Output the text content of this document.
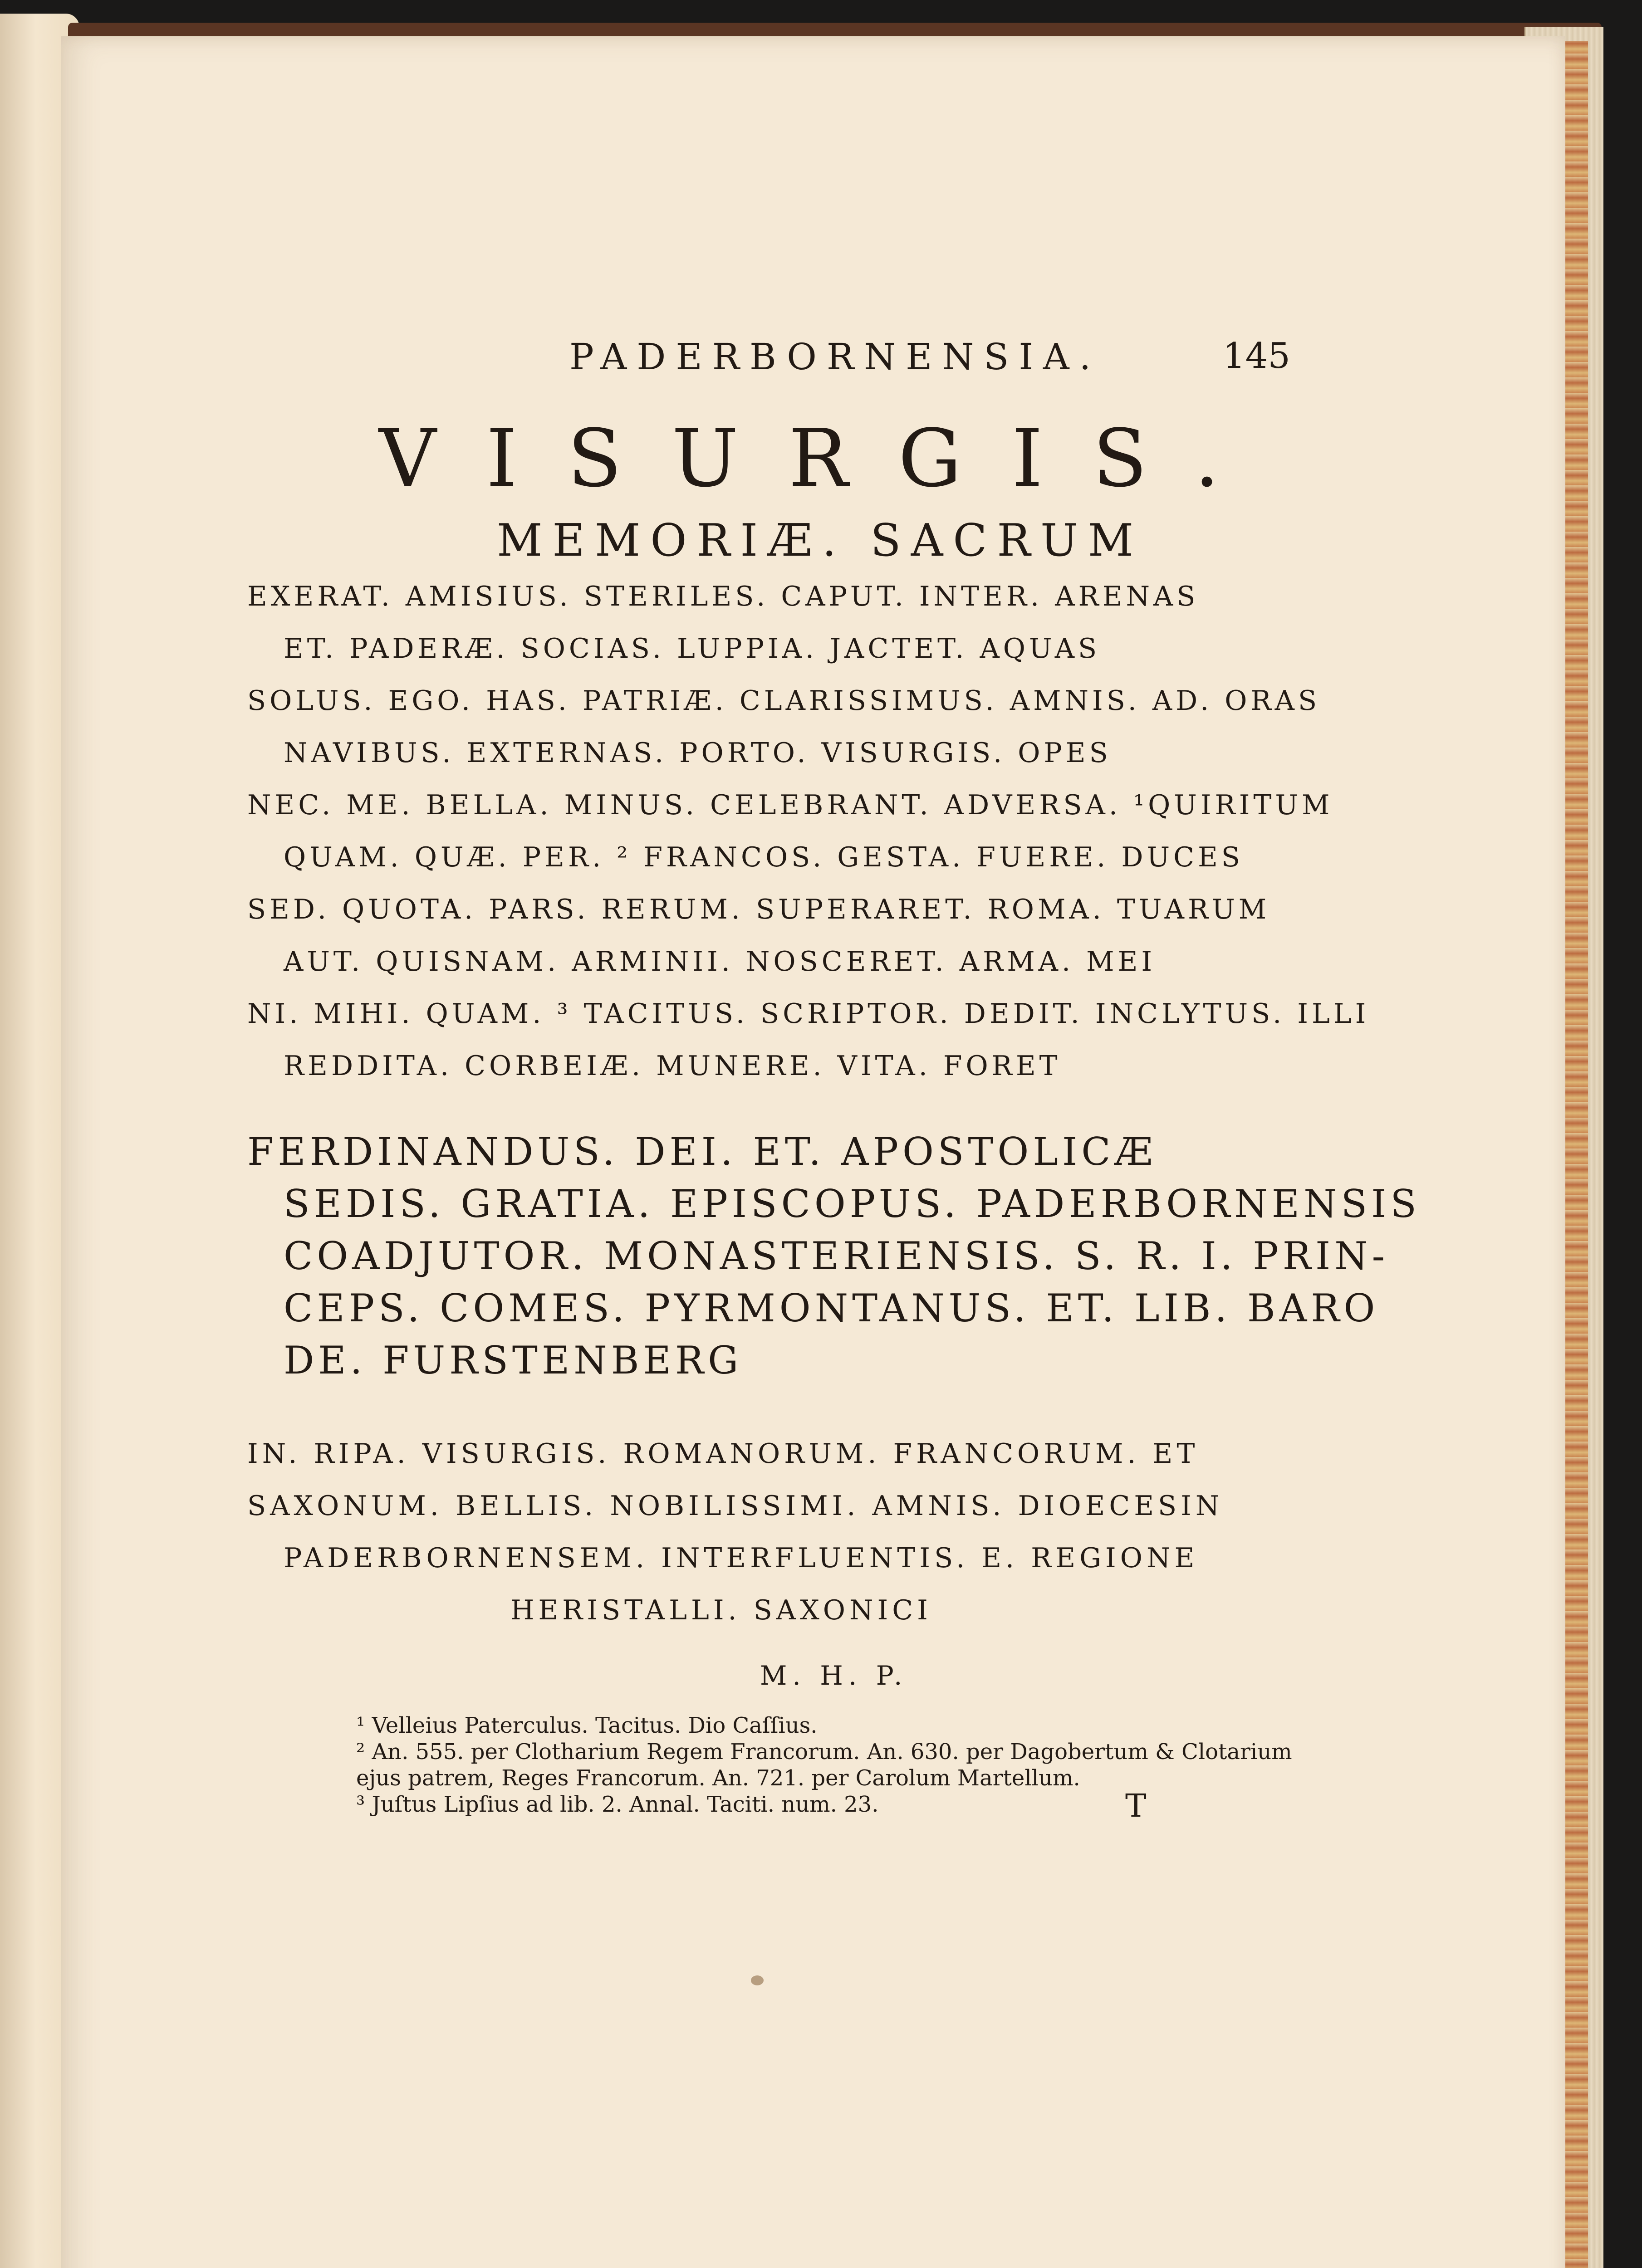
PADERBORNENSIA.	145
VISURGIS.
MEMORIÆ. SACRUM
EXERAT. AMISIUS. STERILES. CAPUT. INTER. ARENAS
ET. PADERÆ. SOCIAS. LUPPIA. JACTET. AQUAS
SOLUS. EGO. HAS. PATRIÆ. CLARISSIMUS. AMNIS. AD. ORAS
NAVIBUS. EXTERNAS. PORTO. VISURGIS. OPES
NEC. ME. BELLA. MINUS. CELEBRANT. ADVERSA. ¹QUIRITUM
QUAM. QUÆ. PER. ² FRANCOS. GESTA. FUERE. DUCES
SED. QUOTA. PARS. RERUM. SUPERARET. ROMA. TUARUM
AUT. QUISNAM. ARMINII. NOSCERET. ARMA. MEI
NI. MIHI. QUAM. ³ TACITUS. SCRIPTOR. DEDIT. INCLYTUS. ILLI
REDDITA. CORBEIÆ. MUNERE. VITA. FORET
FERDINANDUS. DEI. ET. APOSTOLICÆ
SEDIS. GRATIA. EPISCOPUS. PADERBORNENSIS
COADJUTOR. MONASTERIENSIS. S. R. I. PRIN-
CEPS. COMES. PYRMONTANUS. ET. LIB. BARO
DE. FURSTENBERG
IN. RIPA. VISURGIS. ROMANORUM. FRANCORUM. ET
SAXONUM. BELLIS. NOBILISSIMI. AMNIS. DIOECESIN
PADERBORNENSEM. INTERFLUENTIS. E. REGIONE
HERISTALLI. SAXONICI
M. H. P.
¹ Velleius Paterculus. Tacitus. Dio Caſſius.
² An. 555. per Clotharium Regem Francorum. An. 630. per Dagobertum & Clotarium
ejus patrem, Reges Francorum. An. 721. per Carolum Martellum.
³ Juſtus Lipſius ad lib. 2. Annal. Taciti. num. 23.	T
